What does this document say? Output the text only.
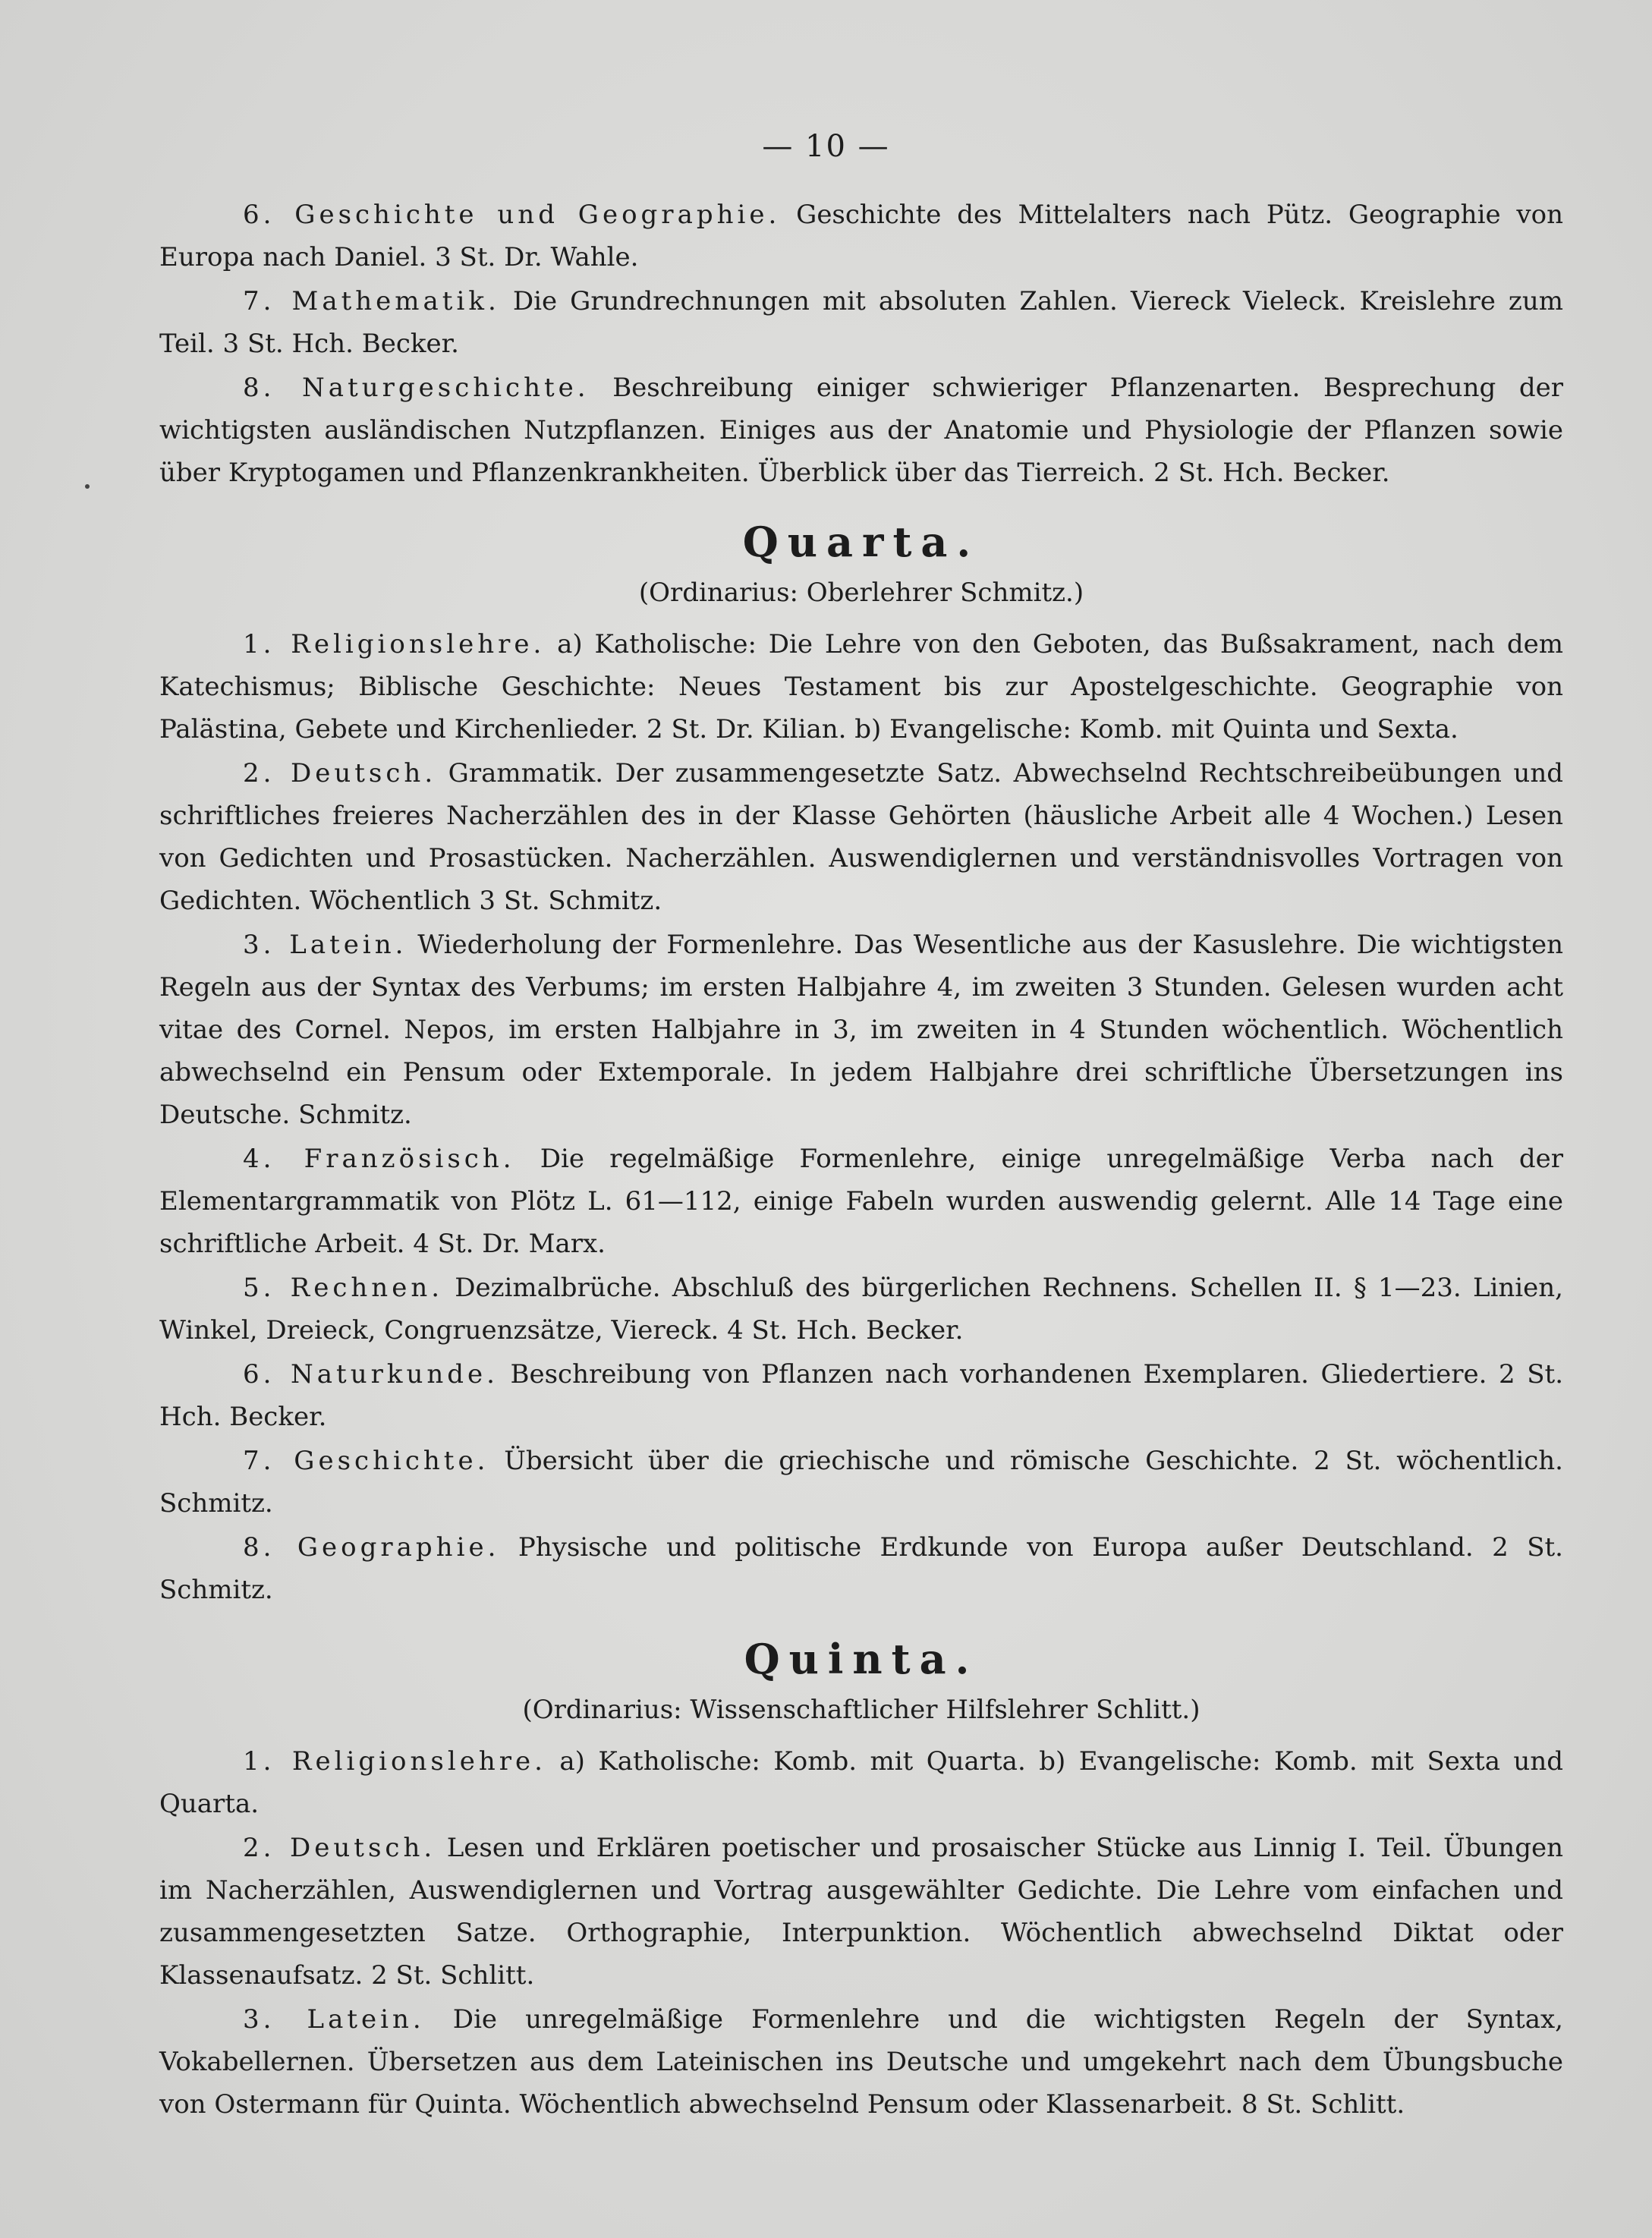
— 10 —

6. Geschichte und Geographie. Geschichte des Mittelalters nach Pütz. Geographie von Europa nach Daniel. 3 St. Dr. Wahle.

7. Mathematik. Die Grundrechnungen mit absoluten Zahlen. Viereck Vieleck. Kreislehre zum Teil. 3 St. Hch. Becker.

8. Naturgeschichte. Beschreibung einiger schwieriger Pflanzenarten. Besprechung der wichtigsten ausländischen Nutzpflanzen. Einiges aus der Anatomie und Physiologie der Pflanzen sowie über Kryptogamen und Pflanzenkrankheiten. Überblick über das Tierreich. 2 St. Hch. Becker.

Quarta.
(Ordinarius: Oberlehrer Schmitz.)

1. Religionslehre. a) Katholische: Die Lehre von den Geboten, das Bußsakrament, nach dem Katechismus; Biblische Geschichte: Neues Testament bis zur Apostelgeschichte. Geographie von Palästina, Gebete und Kirchenlieder. 2 St. Dr. Kilian. b) Evangelische: Komb. mit Quinta und Sexta.

2. Deutsch. Grammatik. Der zusammengesetzte Satz. Abwechselnd Rechtschreibeübungen und schriftliches freieres Nacherzählen des in der Klasse Gehörten (häusliche Arbeit alle 4 Wochen.) Lesen von Gedichten und Prosastücken. Nacherzählen. Auswendiglernen und verständnisvolles Vortragen von Gedichten. Wöchentlich 3 St. Schmitz.

3. Latein. Wiederholung der Formenlehre. Das Wesentliche aus der Kasuslehre. Die wichtigsten Regeln aus der Syntax des Verbums; im ersten Halbjahre 4, im zweiten 3 Stunden. Gelesen wurden acht vitae des Cornel. Nepos, im ersten Halbjahre in 3, im zweiten in 4 Stunden wöchentlich. Wöchentlich abwechselnd ein Pensum oder Extemporale. In jedem Halbjahre drei schriftliche Übersetzungen ins Deutsche. Schmitz.

4. Französisch. Die regelmäßige Formenlehre, einige unregelmäßige Verba nach der Elementargrammatik von Plötz L. 61—112, einige Fabeln wurden auswendig gelernt. Alle 14 Tage eine schriftliche Arbeit. 4 St. Dr. Marx.

5. Rechnen. Dezimalbrüche. Abschluß des bürgerlichen Rechnens. Schellen II. § 1—23. Linien, Winkel, Dreieck, Congruenzsätze, Viereck. 4 St. Hch. Becker.

6. Naturkunde. Beschreibung von Pflanzen nach vorhandenen Exemplaren. Gliedertiere. 2 St. Hch. Becker.

7. Geschichte. Übersicht über die griechische und römische Geschichte. 2 St. wöchentlich. Schmitz.

8. Geographie. Physische und politische Erdkunde von Europa außer Deutschland. 2 St. Schmitz.

Quinta.
(Ordinarius: Wissenschaftlicher Hilfslehrer Schlitt.)

1. Religionslehre. a) Katholische: Komb. mit Quarta. b) Evangelische: Komb. mit Sexta und Quarta.

2. Deutsch. Lesen und Erklären poetischer und prosaischer Stücke aus Linnig I. Teil. Übungen im Nacherzählen, Auswendiglernen und Vortrag ausgewählter Gedichte. Die Lehre vom einfachen und zusammengesetzten Satze. Orthographie, Interpunktion. Wöchentlich abwechselnd Diktat oder Klassenaufsatz. 2 St. Schlitt.

3. Latein. Die unregelmäßige Formenlehre und die wichtigsten Regeln der Syntax, Vokabellernen. Übersetzen aus dem Lateinischen ins Deutsche und umgekehrt nach dem Übungsbuche von Ostermann für Quinta. Wöchentlich abwechselnd Pensum oder Klassenarbeit. 8 St. Schlitt.
